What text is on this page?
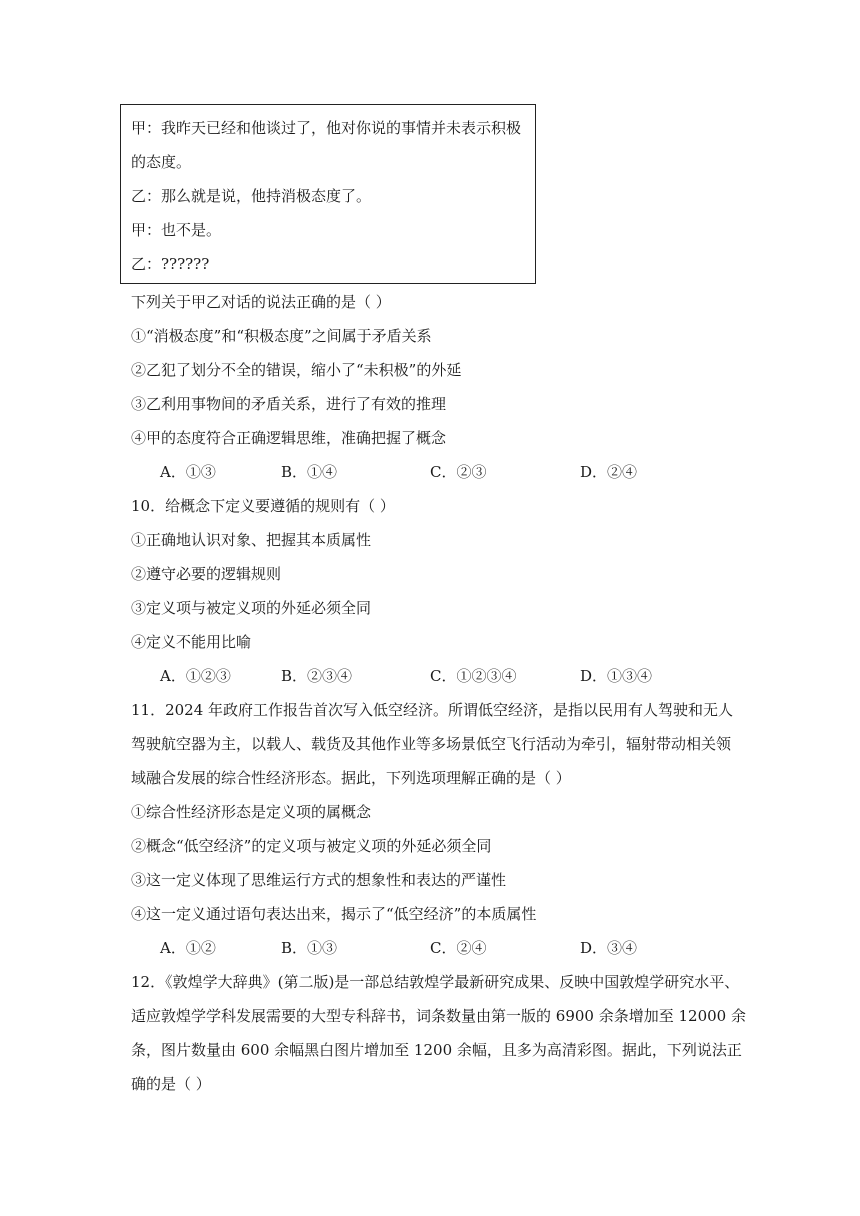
甲：我昨天已经和他谈过了，他对你说的事情并未表示积极
的态度。
乙：那么就是说，他持消极态度了。
甲：也不是。
乙：??????
下列关于甲乙对话的说法正确的是（ ）
①“消极态度”和“积极态度”之间属于矛盾关系
②乙犯了划分不全的错误，缩小了“未积极”的外延
③乙利用事物间的矛盾关系，进行了有效的推理
④甲的态度符合正确逻辑思维，准确把握了概念
A．①③	B．①④	C．②③	D．②④
10．给概念下定义要遵循的规则有（ ）
①正确地认识对象、把握其本质属性
②遵守必要的逻辑规则
③定义项与被定义项的外延必须全同
④定义不能用比喻
A．①②③	B．②③④	C．①②③④	D．①③④
11．2024 年政府工作报告首次写入低空经济。所谓低空经济，是指以民用有人驾驶和无人
驾驶航空器为主，以载人、载货及其他作业等多场景低空飞行活动为牵引，辐射带动相关领
域融合发展的综合性经济形态。据此，下列选项理解正确的是（ ）
①综合性经济形态是定义项的属概念
②概念“低空经济”的定义项与被定义项的外延必须全同
③这一定义体现了思维运行方式的想象性和表达的严谨性
④这一定义通过语句表达出来，揭示了“低空经济”的本质属性
A．①②	B．①③	C．②④	D．③④
12．《敦煌学大辞典》(第二版)是一部总结敦煌学最新研究成果、反映中国敦煌学研究水平、
适应敦煌学学科发展需要的大型专科辞书，词条数量由第一版的 6900 余条增加至 12000 余
条，图片数量由 600 余幅黑白图片增加至 1200 余幅，且多为高清彩图。据此，下列说法正
确的是（ ）
